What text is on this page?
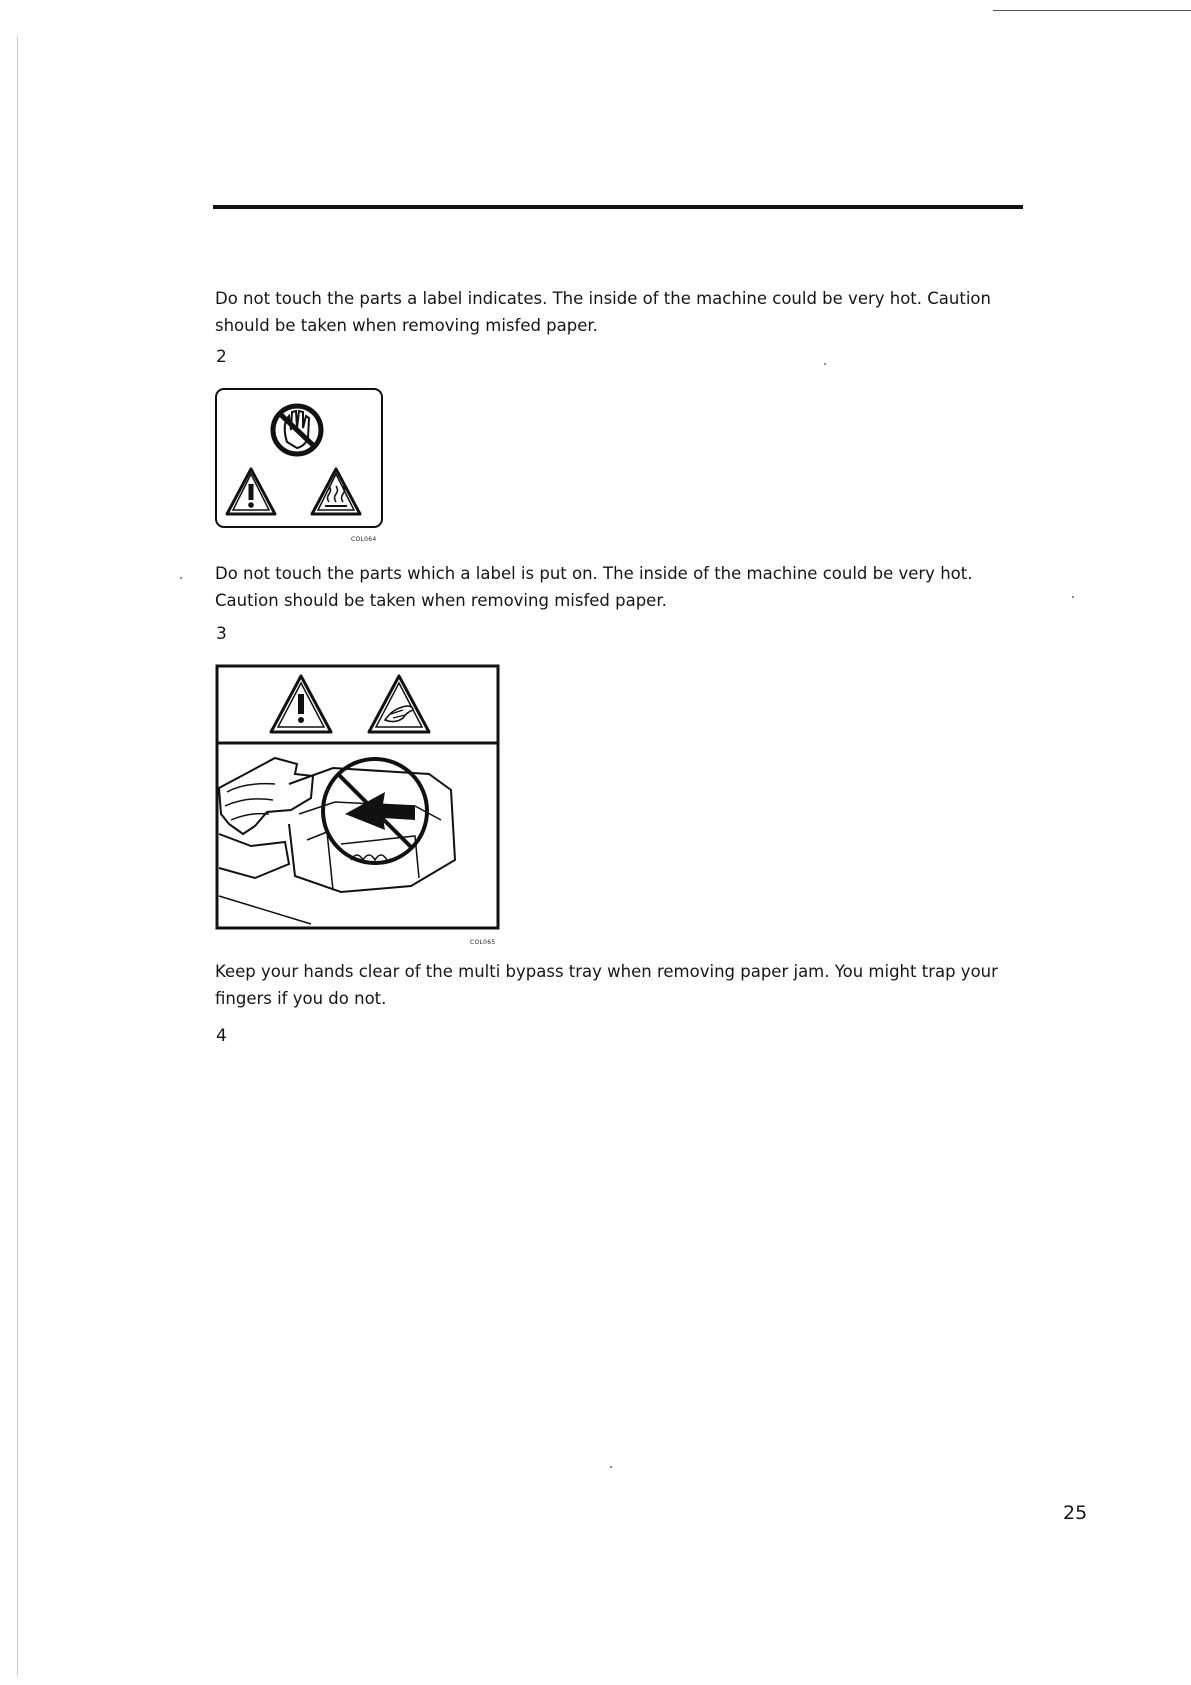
Do not touch the parts a label indicates. The inside of the machine could be very hot. Caution should be taken when removing misfed paper.

2
COL064

Do not touch the parts which a label is put on. The inside of the machine could be very hot. Caution should be taken when removing misfed paper.

3
COL065

Keep your hands clear of the multi bypass tray when removing paper jam. You might trap your fingers if you do not.

4
25
